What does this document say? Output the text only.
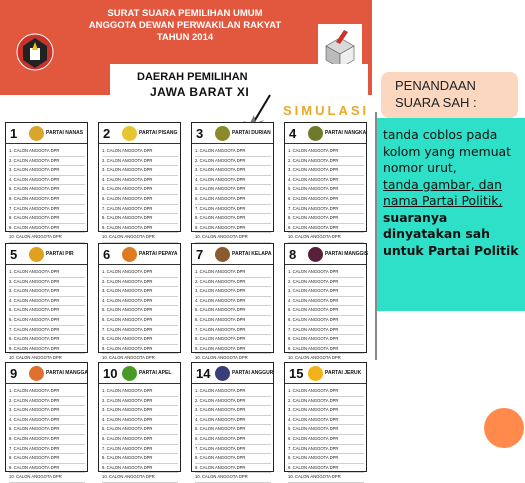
SURAT SUARA PEMILIHAN UMUM
ANGGOTA DEWAN PERWAKILAN RAKYAT
TAHUN 2014
DAERAH PEMILIHAN
JAWA BARAT XI
SIMULASI
1	PARTAI NANAS
1. CALON ANGGOTA DPR
2. CALON ANGGOTA DPR
3. CALON ANGGOTA DPR
4. CALON ANGGOTA DPR
5. CALON ANGGOTA DPR
6. CALON ANGGOTA DPR
7. CALON ANGGOTA DPR
8. CALON ANGGOTA DPR
9. CALON ANGGOTA DPR
10. CALON ANGGOTA DPR
2	PARTAI PISANG
1. CALON ANGGOTA DPR
2. CALON ANGGOTA DPR
3. CALON ANGGOTA DPR
4. CALON ANGGOTA DPR
5. CALON ANGGOTA DPR
6. CALON ANGGOTA DPR
7. CALON ANGGOTA DPR
8. CALON ANGGOTA DPR
9. CALON ANGGOTA DPR
10. CALON ANGGOTA DPR
3	PARTAI DURIAN
1. CALON ANGGOTA DPR
2. CALON ANGGOTA DPR
3. CALON ANGGOTA DPR
4. CALON ANGGOTA DPR
5. CALON ANGGOTA DPR
6. CALON ANGGOTA DPR
7. CALON ANGGOTA DPR
8. CALON ANGGOTA DPR
9. CALON ANGGOTA DPR
10. CALON ANGGOTA DPR
4	PARTAI NANGKA
1. CALON ANGGOTA DPR
2. CALON ANGGOTA DPR
3. CALON ANGGOTA DPR
4. CALON ANGGOTA DPR
5. CALON ANGGOTA DPR
6. CALON ANGGOTA DPR
7. CALON ANGGOTA DPR
8. CALON ANGGOTA DPR
9. CALON ANGGOTA DPR
10. CALON ANGGOTA DPR
5	PARTAI PIR
1. CALON ANGGOTA DPR
2. CALON ANGGOTA DPR
3. CALON ANGGOTA DPR
4. CALON ANGGOTA DPR
5. CALON ANGGOTA DPR
6. CALON ANGGOTA DPR
7. CALON ANGGOTA DPR
8. CALON ANGGOTA DPR
9. CALON ANGGOTA DPR
10. CALON ANGGOTA DPR
6	PARTAI PEPAYA
1. CALON ANGGOTA DPR
2. CALON ANGGOTA DPR
3. CALON ANGGOTA DPR
4. CALON ANGGOTA DPR
5. CALON ANGGOTA DPR
6. CALON ANGGOTA DPR
7. CALON ANGGOTA DPR
8. CALON ANGGOTA DPR
9. CALON ANGGOTA DPR
10. CALON ANGGOTA DPR
7	PARTAI KELAPA
1. CALON ANGGOTA DPR
2. CALON ANGGOTA DPR
3. CALON ANGGOTA DPR
4. CALON ANGGOTA DPR
5. CALON ANGGOTA DPR
6. CALON ANGGOTA DPR
7. CALON ANGGOTA DPR
8. CALON ANGGOTA DPR
9. CALON ANGGOTA DPR
10. CALON ANGGOTA DPR
8	PARTAI MANGGIS
1. CALON ANGGOTA DPR
2. CALON ANGGOTA DPR
3. CALON ANGGOTA DPR
4. CALON ANGGOTA DPR
5. CALON ANGGOTA DPR
6. CALON ANGGOTA DPR
7. CALON ANGGOTA DPR
8. CALON ANGGOTA DPR
9. CALON ANGGOTA DPR
10. CALON ANGGOTA DPR
9	PARTAI MANGGA
1. CALON ANGGOTA DPR
2. CALON ANGGOTA DPR
3. CALON ANGGOTA DPR
4. CALON ANGGOTA DPR
5. CALON ANGGOTA DPR
6. CALON ANGGOTA DPR
7. CALON ANGGOTA DPR
8. CALON ANGGOTA DPR
9. CALON ANGGOTA DPR
10. CALON ANGGOTA DPR
10	PARTAI APEL
1. CALON ANGGOTA DPR
2. CALON ANGGOTA DPR
3. CALON ANGGOTA DPR
4. CALON ANGGOTA DPR
5. CALON ANGGOTA DPR
6. CALON ANGGOTA DPR
7. CALON ANGGOTA DPR
8. CALON ANGGOTA DPR
9. CALON ANGGOTA DPR
10. CALON ANGGOTA DPR
14	PARTAI ANGGUR
1. CALON ANGGOTA DPR
2. CALON ANGGOTA DPR
3. CALON ANGGOTA DPR
4. CALON ANGGOTA DPR
5. CALON ANGGOTA DPR
6. CALON ANGGOTA DPR
7. CALON ANGGOTA DPR
8. CALON ANGGOTA DPR
9. CALON ANGGOTA DPR
10. CALON ANGGOTA DPR
15	PARTAI JERUK
1. CALON ANGGOTA DPR
2. CALON ANGGOTA DPR
3. CALON ANGGOTA DPR
4. CALON ANGGOTA DPR
5. CALON ANGGOTA DPR
6. CALON ANGGOTA DPR
7. CALON ANGGOTA DPR
8. CALON ANGGOTA DPR
9. CALON ANGGOTA DPR
10. CALON ANGGOTA DPR
PENANDAAN SUARA SAH :
tanda coblos pada kolom yang memuat nomor urut,
tanda gambar, dan nama Partai Politik,
suaranya dinyatakan sah untuk Partai Politik
